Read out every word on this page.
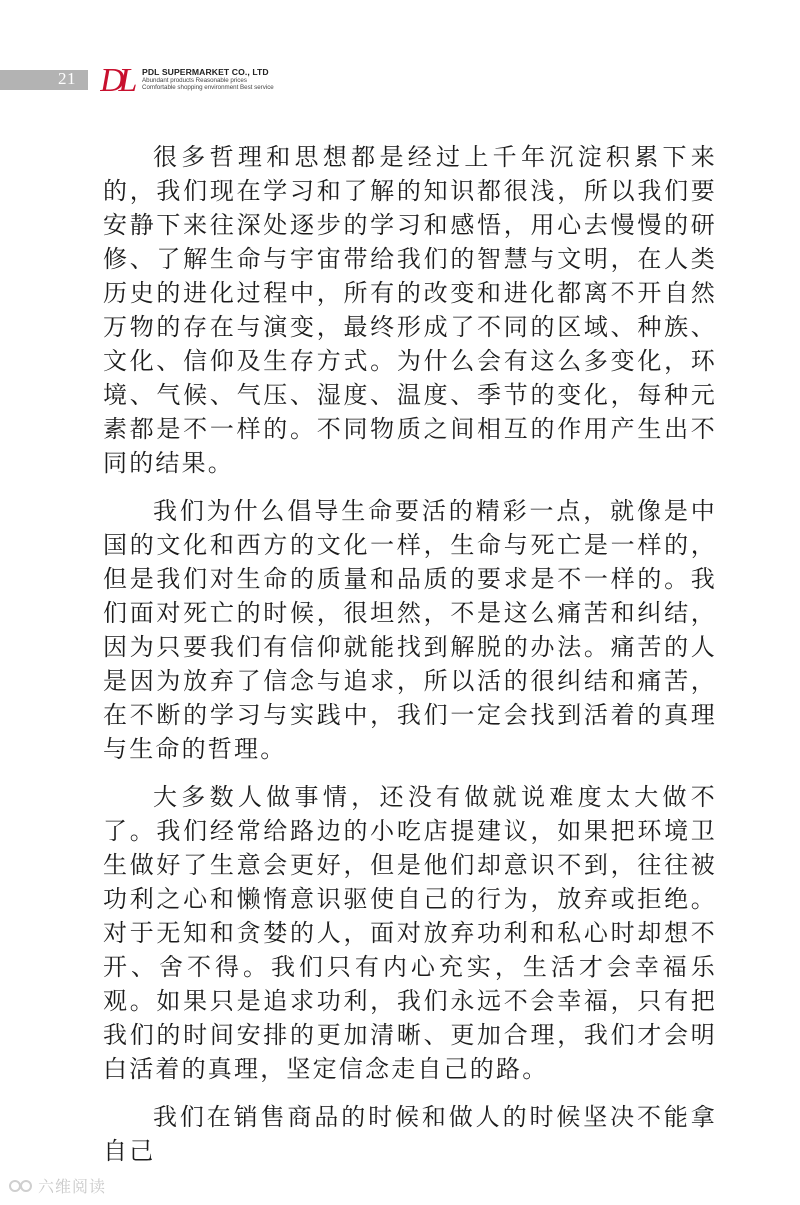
21 DL	PDL SUPERMARKET CO., LTD
Abundant products Reasonable prices
Comfortable shopping environment Best service

很多哲理和思想都是经过上千年沉淀积累下来的，我们现在学习和了解的知识都很浅，所以我们要安静下来往深处逐步的学习和感悟，用心去慢慢的研修、了解生命与宇宙带给我们的智慧与文明，在人类历史的进化过程中，所有的改变和进化都离不开自然万物的存在与演变，最终形成了不同的区域、种族、文化、信仰及生存方式。为什么会有这么多变化，环境、气候、气压、湿度、温度、季节的变化，每种元素都是不一样的。不同物质之间相互的作用产生出不同的结果。

我们为什么倡导生命要活的精彩一点，就像是中国的文化和西方的文化一样，生命与死亡是一样的，但是我们对生命的质量和品质的要求是不一样的。我们面对死亡的时候，很坦然，不是这么痛苦和纠结，因为只要我们有信仰就能找到解脱的办法。痛苦的人是因为放弃了信念与追求，所以活的很纠结和痛苦，在不断的学习与实践中，我们一定会找到活着的真理与生命的哲理。

大多数人做事情，还没有做就说难度太大做不了。我们经常给路边的小吃店提建议，如果把环境卫生做好了生意会更好，但是他们却意识不到，往往被功利之心和懒惰意识驱使自己的行为，放弃或拒绝。对于无知和贪婪的人，面对放弃功利和私心时却想不开、舍不得。我们只有内心充实，生活才会幸福乐观。如果只是追求功利，我们永远不会幸福，只有把我们的时间安排的更加清晰、更加合理，我们才会明白活着的真理，坚定信念走自己的路。

我们在销售商品的时候和做人的时候坚决不能拿自己

六维阅读
